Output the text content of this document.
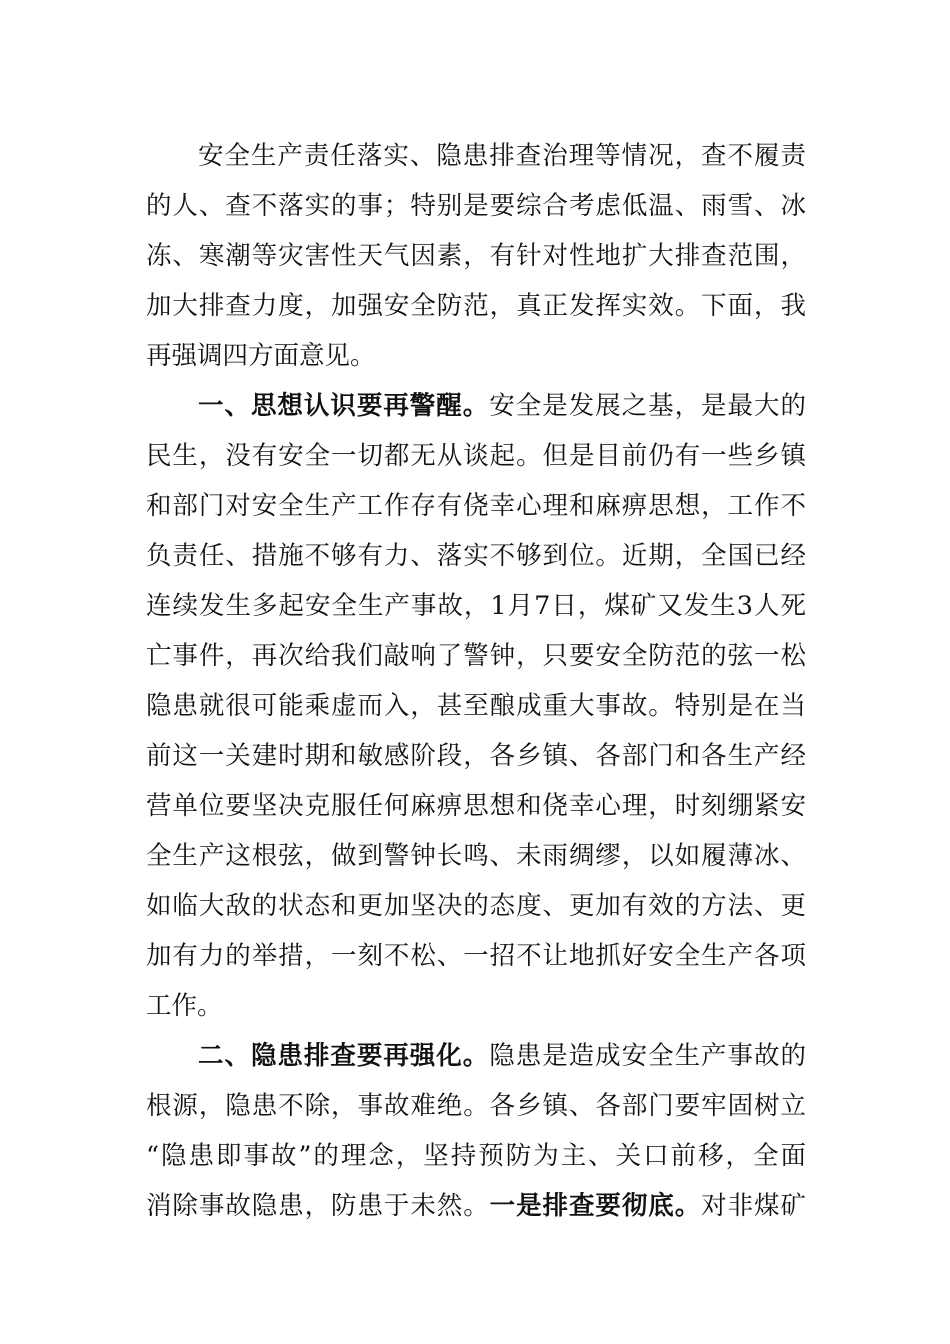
安全生产责任落实、隐患排查治理等情况，查不履责
的人、查不落实的事；特别是要综合考虑低温、雨雪、冰
冻、寒潮等灾害性天气因素，有针对性地扩大排查范围，
加大排查力度，加强安全防范，真正发挥实效。下面，我
再强调四方面意见。
一、思想认识要再警醒。安全是发展之基，是最大的
民生，没有安全一切都无从谈起。但是目前仍有一些乡镇
和部门对安全生产工作存有侥幸心理和麻痹思想，工作不
负责任、措施不够有力、落实不够到位。近期，全国已经
连续发生多起安全生产事故，1月7日，煤矿又发生3人死
亡事件，再次给我们敲响了警钟，只要安全防范的弦一松
隐患就很可能乘虚而入，甚至酿成重大事故。特别是在当
前这一关建时期和敏感阶段，各乡镇、各部门和各生产经
营单位要坚决克服任何麻痹思想和侥幸心理，时刻绷紧安
全生产这根弦，做到警钟长鸣、未雨绸缪，以如履薄冰、
如临大敌的状态和更加坚决的态度、更加有效的方法、更
加有力的举措，一刻不松、一招不让地抓好安全生产各项
工作。
二、隐患排查要再强化。隐患是造成安全生产事故的
根源，隐患不除，事故难绝。各乡镇、各部门要牢固树立
“隐患即事故”的理念，坚持预防为主、关口前移，全面
消除事故隐患，防患于未然。一是排查要彻底。对非煤矿
